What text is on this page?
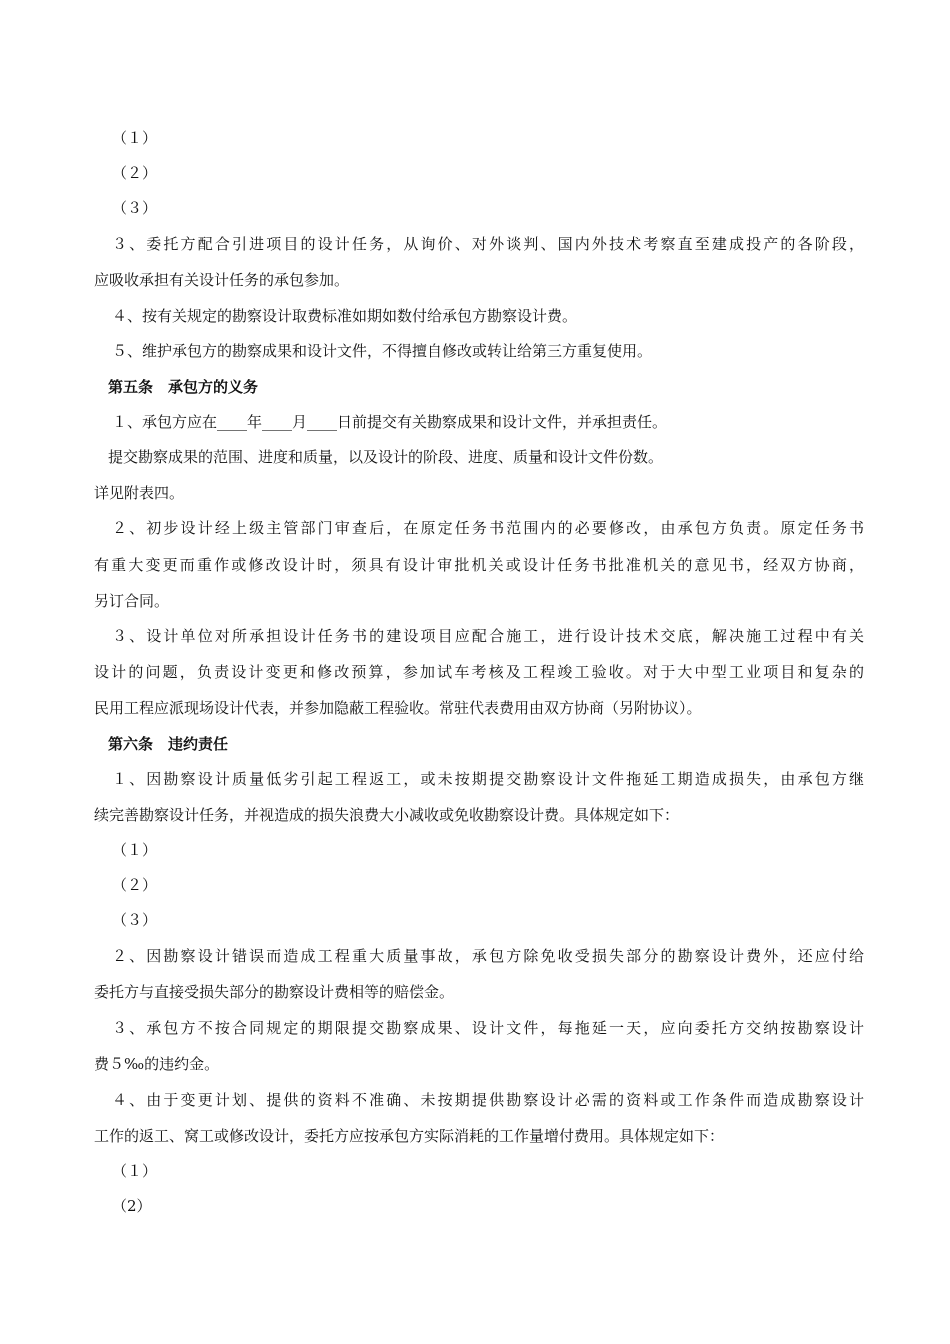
（１）
（２）
（３）
３、委托方配合引进项目的设计任务，从询价、对外谈判、国内外技术考察直至建成投产的各阶段，
应吸收承担有关设计任务的承包参加。
４、按有关规定的勘察设计取费标准如期如数付给承包方勘察设计费。
５、维护承包方的勘察成果和设计文件，不得擅自修改或转让给第三方重复使用。
第五条　承包方的义务
１、承包方应在____年____月____日前提交有关勘察成果和设计文件，并承担责任。
提交勘察成果的范围、进度和质量，以及设计的阶段、进度、质量和设计文件份数。
详见附表四。
２、初步设计经上级主管部门审查后，在原定任务书范围内的必要修改，由承包方负责。原定任务书
有重大变更而重作或修改设计时，须具有设计审批机关或设计任务书批准机关的意见书，经双方协商，
另订合同。
３、设计单位对所承担设计任务书的建设项目应配合施工，进行设计技术交底，解决施工过程中有关
设计的问题，负责设计变更和修改预算，参加试车考核及工程竣工验收。对于大中型工业项目和复杂的
民用工程应派现场设计代表，并参加隐蔽工程验收。常驻代表费用由双方协商（另附协议）。
第六条　违约责任
１、因勘察设计质量低劣引起工程返工，或未按期提交勘察设计文件拖延工期造成损失，由承包方继
续完善勘察设计任务，并视造成的损失浪费大小减收或免收勘察设计费。具体规定如下：
（１）
（２）
（３）
２、因勘察设计错误而造成工程重大质量事故，承包方除免收受损失部分的勘察设计费外，还应付给
委托方与直接受损失部分的勘察设计费相等的赔偿金。
３、承包方不按合同规定的期限提交勘察成果、设计文件，每拖延一天，应向委托方交纳按勘察设计
费５‰的违约金。
４、由于变更计划、提供的资料不准确、未按期提供勘察设计必需的资料或工作条件而造成勘察设计
工作的返工、窝工或修改设计，委托方应按承包方实际消耗的工作量增付费用。具体规定如下：
（１）
（2）
